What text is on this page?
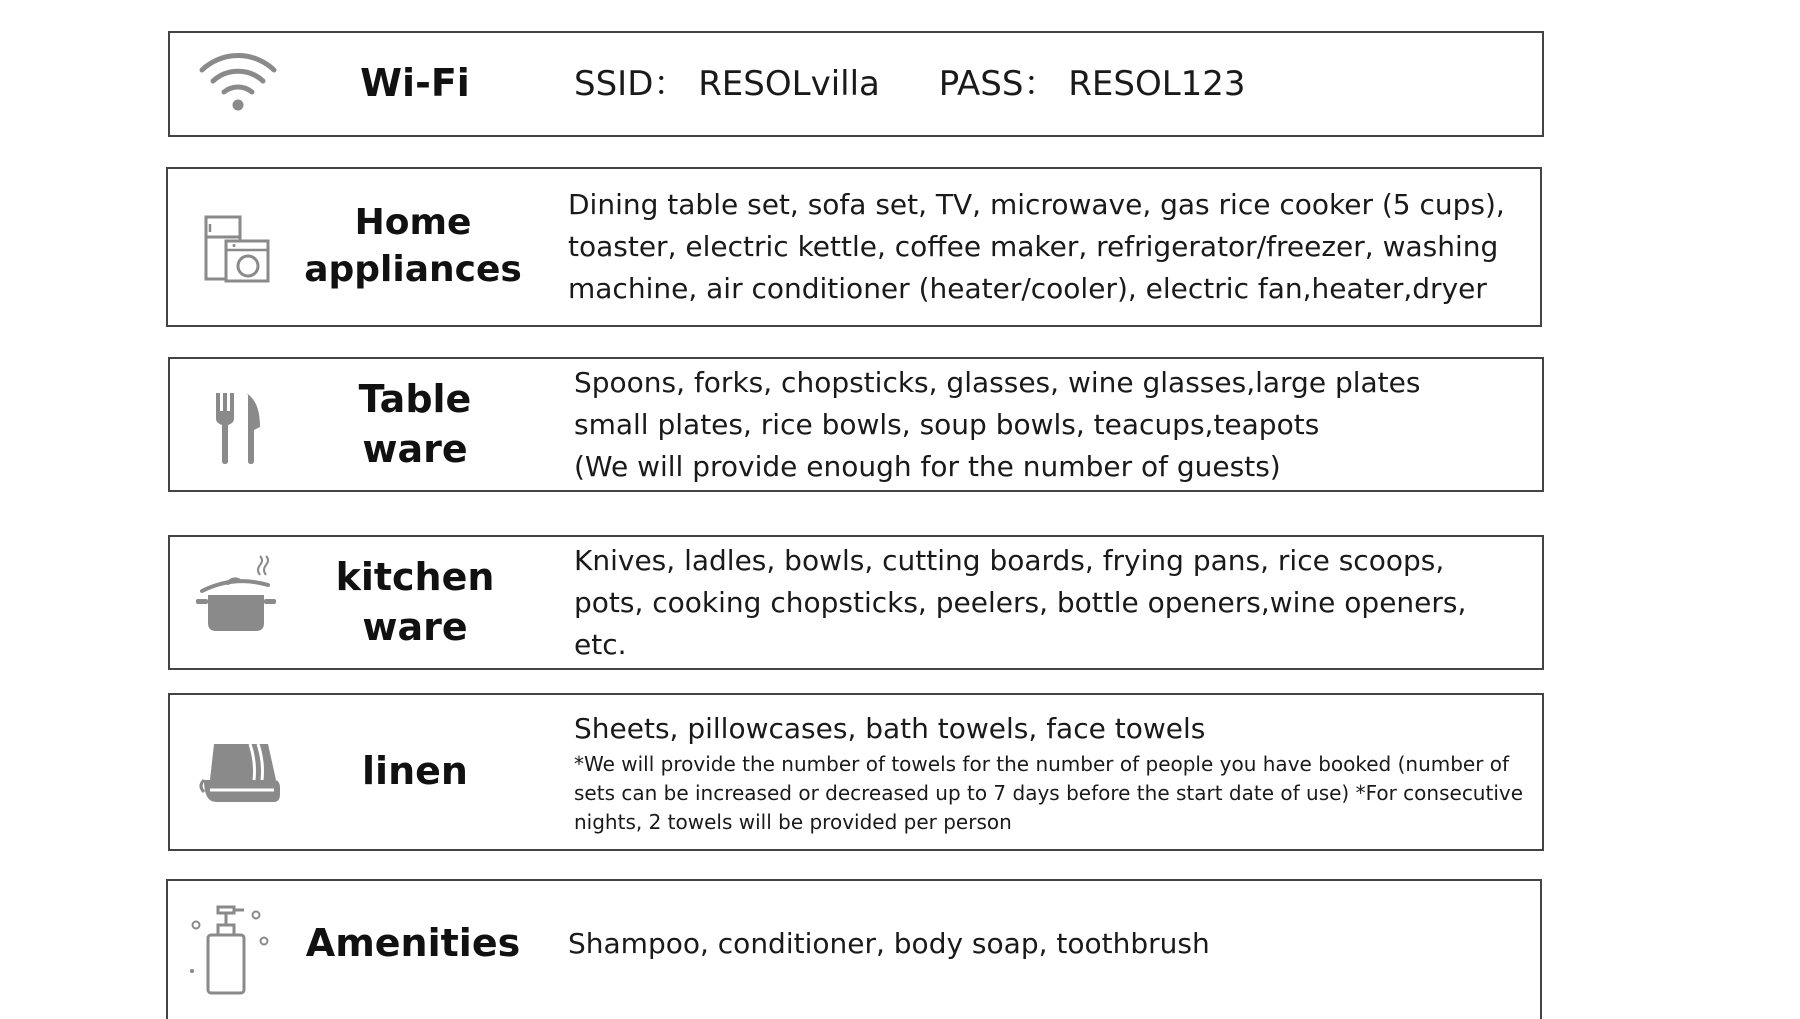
Wi-Fi	SSID： RESOLvilla PASS： RESOL123
Home
appliances
Dining table set, sofa set, TV, microwave, gas rice cooker (5 cups),
toaster, electric kettle, coffee maker, refrigerator/freezer, washing
machine, air conditioner (heater/cooler), electric fan,heater,dryer
Table
ware
Spoons, forks, chopsticks, glasses, wine glasses,large plates
small plates, rice bowls, soup bowls, teacups,teapots
(We will provide enough for the number of guests)
kitchen
ware
Knives, ladles, bowls, cutting boards, frying pans, rice scoops,
pots, cooking chopsticks, peelers, bottle openers,wine openers,
etc.
linen
Sheets, pillowcases, bath towels, face towels
*We will provide the number of towels for the number of people you have booked (number of
sets can be increased or decreased up to 7 days before the start date of use) *For consecutive
nights, 2 towels will be provided per person
Amenities Shampoo, conditioner, body soap, toothbrush
